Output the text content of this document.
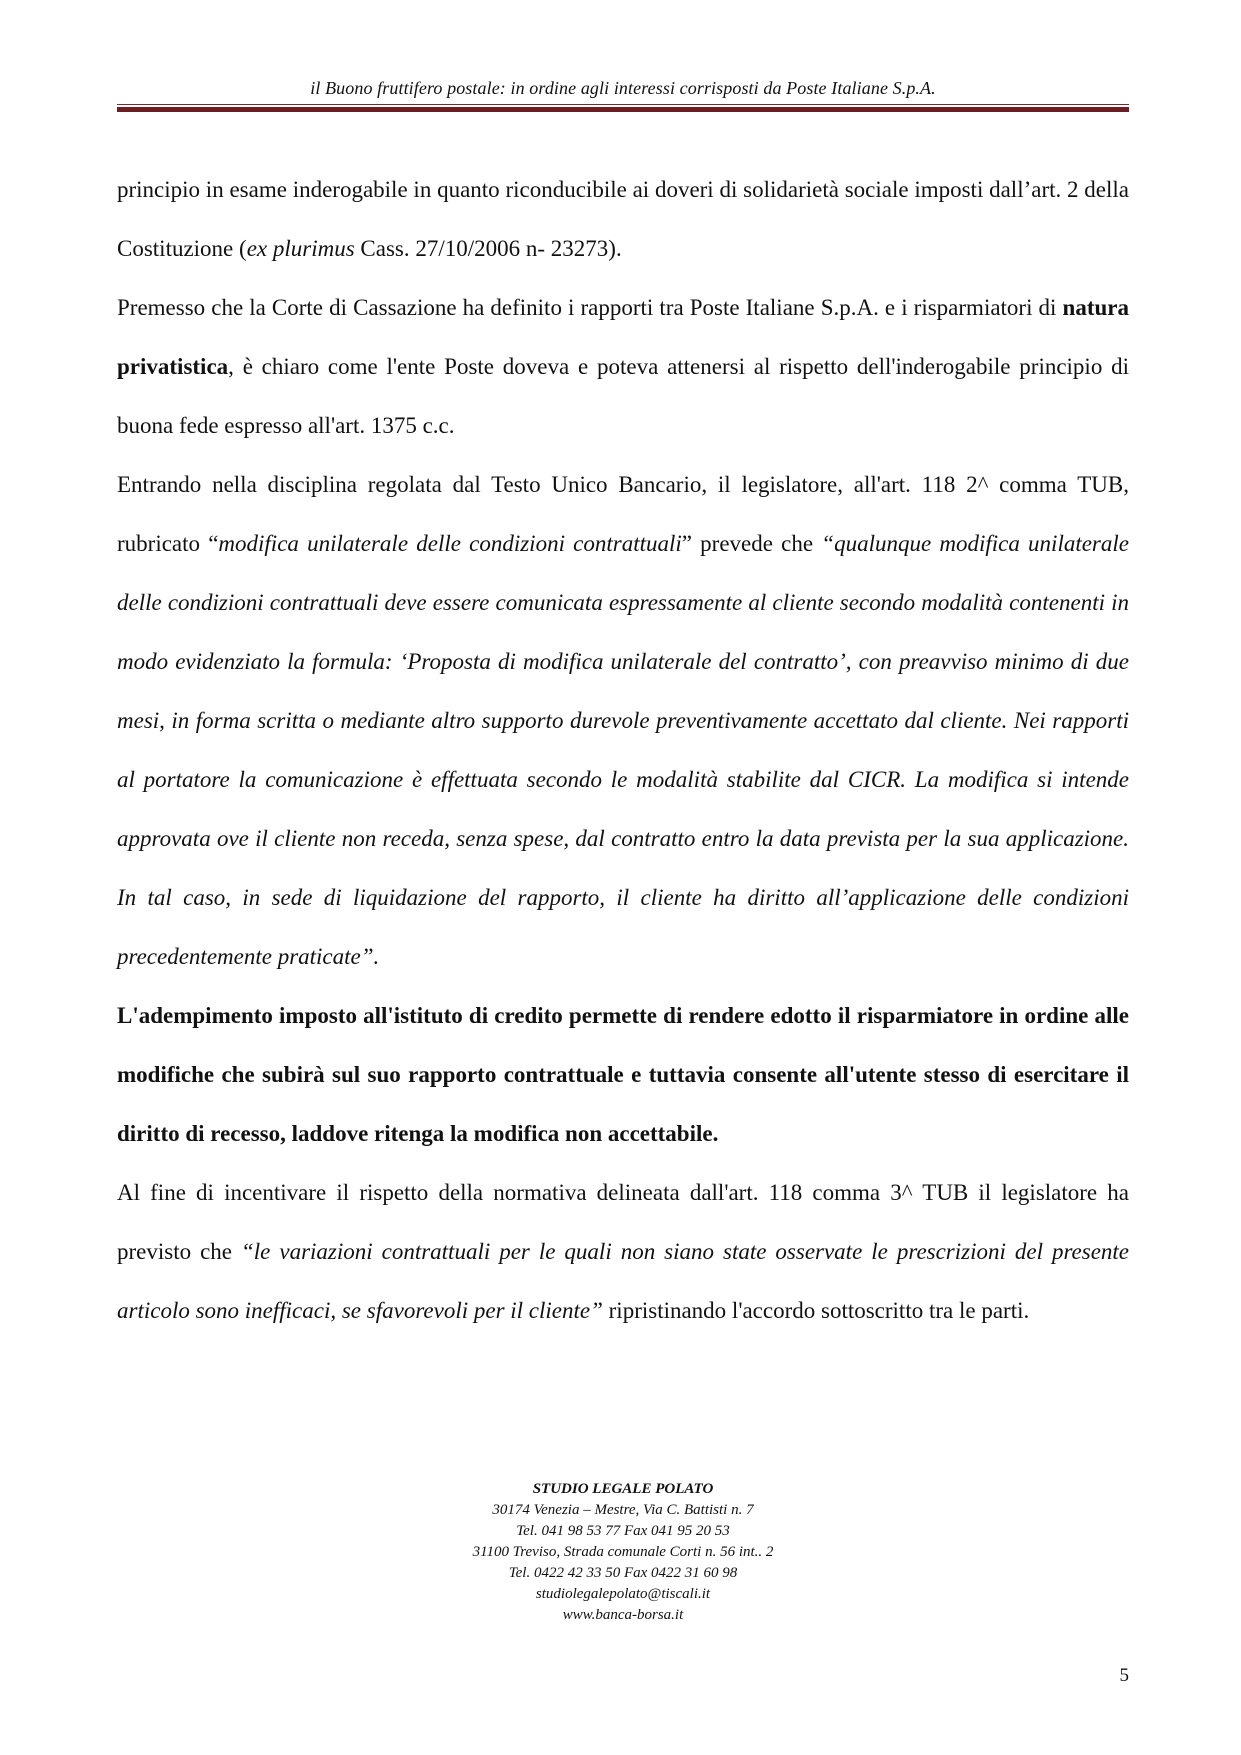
il Buono fruttifero postale: in ordine agli interessi corrisposti da Poste Italiane S.p.A.

principio in esame inderogabile in quanto riconducibile ai doveri di solidarietà sociale imposti dall’art. 2 della Costituzione (ex plurimus Cass. 27/10/2006 n- 23273).

Premesso che la Corte di Cassazione ha definito i rapporti tra Poste Italiane S.p.A. e i risparmiatori di natura privatistica, è chiaro come l'ente Poste doveva e poteva attenersi al rispetto dell'inderogabile principio di buona fede espresso all'art. 1375 c.c.

Entrando nella disciplina regolata dal Testo Unico Bancario, il legislatore, all'art. 118 2^ comma TUB, rubricato “modifica unilaterale delle condizioni contrattuali” prevede che “qualunque modifica unilaterale delle condizioni contrattuali deve essere comunicata espressamente al cliente secondo modalità contenenti in modo evidenziato la formula: ‘Proposta di modifica unilaterale del contratto’, con preavviso minimo di due mesi, in forma scritta o mediante altro supporto durevole preventivamente accettato dal cliente. Nei rapporti al portatore la comunicazione è effettuata secondo le modalità stabilite dal CICR. La modifica si intende approvata ove il cliente non receda, senza spese, dal contratto entro la data prevista per la sua applicazione. In tal caso, in sede di liquidazione del rapporto, il cliente ha diritto all’applicazione delle condizioni precedentemente praticate”.

L'adempimento imposto all'istituto di credito permette di rendere edotto il risparmiatore in ordine alle modifiche che subirà sul suo rapporto contrattuale e tuttavia consente all'utente stesso di esercitare il diritto di recesso, laddove ritenga la modifica non accettabile.

Al fine di incentivare il rispetto della normativa delineata dall'art. 118 comma 3^ TUB il legislatore ha previsto che “le variazioni contrattuali per le quali non siano state osservate le prescrizioni del presente articolo sono inefficaci, se sfavorevoli per il cliente” ripristinando l'accordo sottoscritto tra le parti.

STUDIO LEGALE POLATO
30174 Venezia – Mestre, Via C. Battisti n. 7
Tel. 041 98 53 77 Fax 041 95 20 53
31100 Treviso, Strada comunale Corti n. 56 int.. 2
Tel. 0422 42 33 50 Fax 0422 31 60 98
studiolegalepolato@tiscali.it
www.banca-borsa.it
5
